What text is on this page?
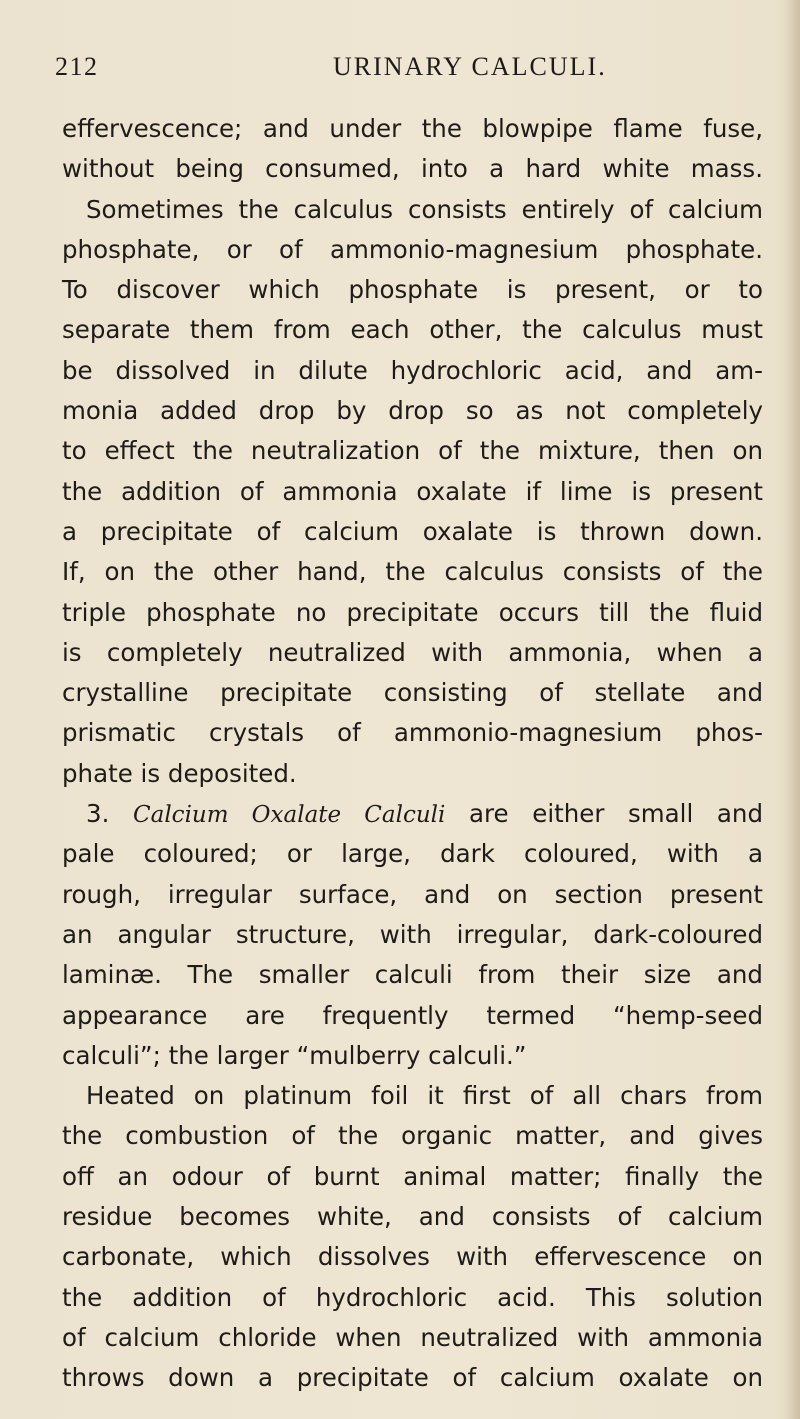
212	URINARY CALCULI.
effervescence; and under the blowpipe flame fuse,
without being consumed, into a hard white mass.
Sometimes the calculus consists entirely of calcium
phosphate, or of ammonio-magnesium phosphate.
To discover which phosphate is present, or to
separate them from each other, the calculus must
be dissolved in dilute hydrochloric acid, and am-
monia added drop by drop so as not completely
to effect the neutralization of the mixture, then on
the addition of ammonia oxalate if lime is present
a precipitate of calcium oxalate is thrown down.
If, on the other hand, the calculus consists of the
triple phosphate no precipitate occurs till the fluid
is completely neutralized with ammonia, when a
crystalline precipitate consisting of stellate and
prismatic crystals of ammonio-magnesium phos-
phate is deposited.
3. Calcium Oxalate Calculi are either small and
pale coloured; or large, dark coloured, with a
rough, irregular surface, and on section present
an angular structure, with irregular, dark-coloured
laminæ. The smaller calculi from their size and
appearance are frequently termed “hemp-seed
calculi”; the larger “mulberry calculi.”
Heated on platinum foil it first of all chars from
the combustion of the organic matter, and gives
off an odour of burnt animal matter; finally the
residue becomes white, and consists of calcium
carbonate, which dissolves with effervescence on
the addition of hydrochloric acid. This solution
of calcium chloride when neutralized with ammonia
throws down a precipitate of calcium oxalate on
